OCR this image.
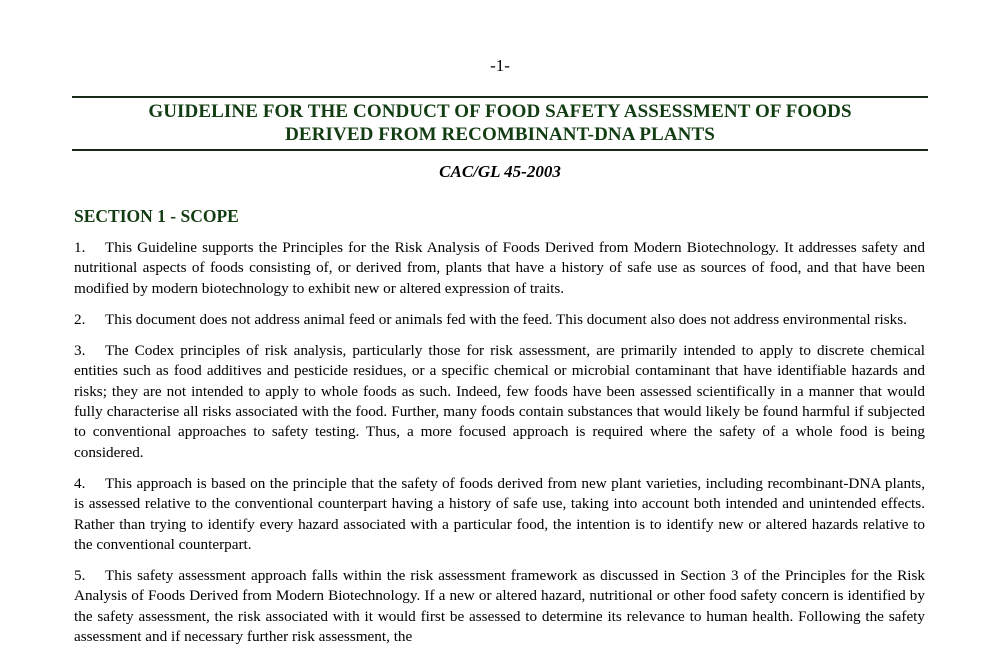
-1-
GUIDELINE FOR THE CONDUCT OF FOOD SAFETY ASSESSMENT OF FOODS
DERIVED FROM RECOMBINANT-DNA PLANTS
CAC/GL 45-2003
SECTION 1 - SCOPE

1. This Guideline supports the Principles for the Risk Analysis of Foods Derived from Modern Biotechnology. It addresses safety and nutritional aspects of foods consisting of, or derived from, plants that have a history of safe use as sources of food, and that have been modified by modern biotechnology to exhibit new or altered expression of traits.

2. This document does not address animal feed or animals fed with the feed. This document also does not address environmental risks.

3. The Codex principles of risk analysis, particularly those for risk assessment, are primarily intended to apply to discrete chemical entities such as food additives and pesticide residues, or a specific chemical or microbial contaminant that have identifiable hazards and risks; they are not intended to apply to whole foods as such. Indeed, few foods have been assessed scientifically in a manner that would fully characterise all risks associated with the food. Further, many foods contain substances that would likely be found harmful if subjected to conventional approaches to safety testing. Thus, a more focused approach is required where the safety of a whole food is being considered.

4. This approach is based on the principle that the safety of foods derived from new plant varieties, including recombinant-DNA plants, is assessed relative to the conventional counterpart having a history of safe use, taking into account both intended and unintended effects. Rather than trying to identify every hazard associated with a particular food, the intention is to identify new or altered hazards relative to the conventional counterpart.

5. This safety assessment approach falls within the risk assessment framework as discussed in Section 3 of the Principles for the Risk Analysis of Foods Derived from Modern Biotechnology. If a new or altered hazard, nutritional or other food safety concern is identified by the safety assessment, the risk associated with it would first be assessed to determine its relevance to human health. Following the safety assessment and if necessary further risk assessment, the
